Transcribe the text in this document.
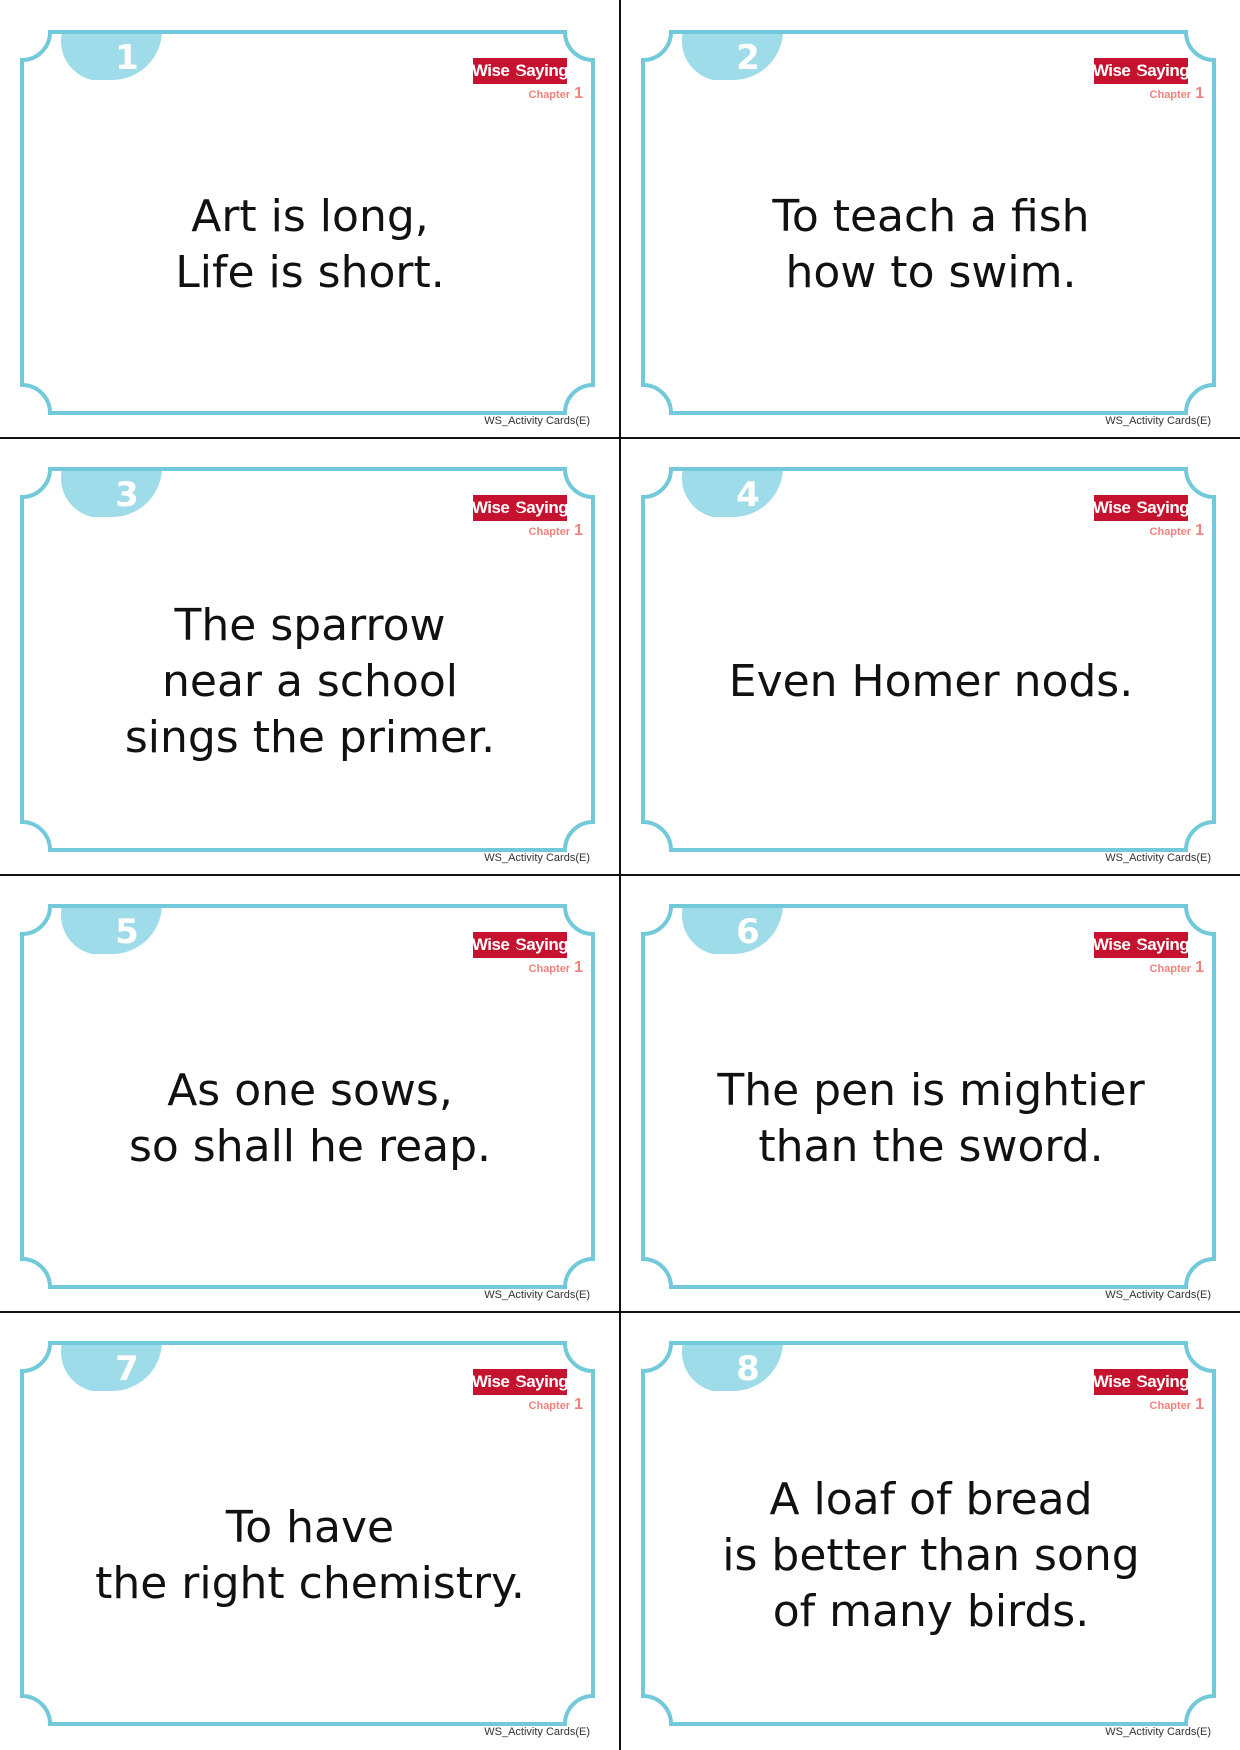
1	Wise Saying
Chapter 1
Art is long,
Life is short.
WS_Activity Cards(E)
2	Wise Saying
Chapter 1
To teach a fish
how to swim.
WS_Activity Cards(E)
3	Wise Saying
Chapter 1
The sparrow
near a school
sings the primer.
WS_Activity Cards(E)
4	Wise Saying
Chapter 1
Even Homer nods.
WS_Activity Cards(E)
5	Wise Saying
Chapter 1
As one sows,
so shall he reap.
WS_Activity Cards(E)
6	Wise Saying
Chapter 1
The pen is mightier
than the sword.
WS_Activity Cards(E)
7	Wise Saying
Chapter 1
To have
the right chemistry.
WS_Activity Cards(E)
8	Wise Saying
Chapter 1
A loaf of bread
is better than song
of many birds.
WS_Activity Cards(E)
